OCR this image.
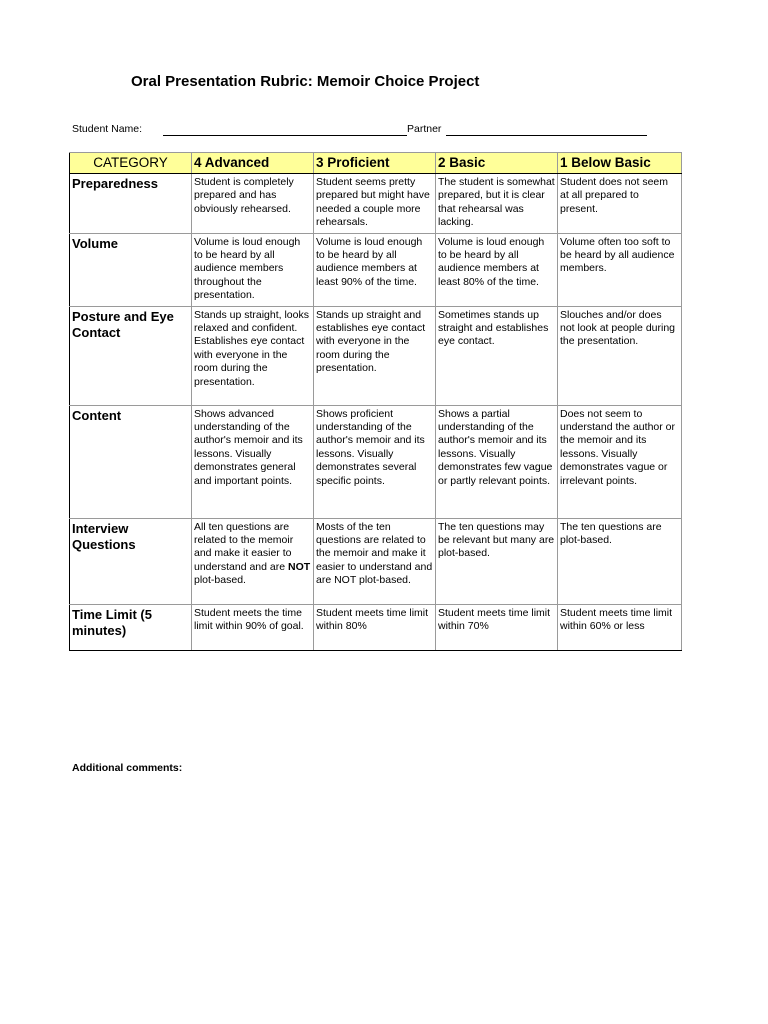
Oral Presentation Rubric: Memoir Choice Project
Student Name:	Partner
CATEGORY	4 Advanced	3 Proficient	2 Basic	1 Below Basic
Preparedness	Student is completely prepared and has obviously rehearsed.	Student seems pretty prepared but might have needed a couple more rehearsals.	The student is somewhat prepared, but it is clear that rehearsal was lacking.	Student does not seem at all prepared to present.
Volume	Volume is loud enough to be heard by all audience members throughout the presentation.	Volume is loud enough to be heard by all audience members at least 90% of the time.	Volume is loud enough to be heard by all audience members at least 80% of the time.	Volume often too soft to be heard by all audience members.
Posture and Eye Contact	Stands up straight, looks relaxed and confident. Establishes eye contact with everyone in the room during the presentation.	Stands up straight and establishes eye contact with everyone in the room during the presentation.	Sometimes stands up straight and establishes eye contact.	Slouches and/or does not look at people during the presentation.
Content	Shows advanced understanding of the author's memoir and its lessons. Visually demonstrates general and important points.	Shows proficient understanding of the author's memoir and its lessons. Visually demonstrates several specific points.	Shows a partial understanding of the author's memoir and its lessons. Visually demonstrates few vague or partly relevant points.	Does not seem to understand the author or the memoir and its lessons. Visually demonstrates vague or irrelevant points.
Interview Questions	All ten questions are related to the memoir and make it easier to understand and are NOT plot-based.	Mosts of the ten questions are related to the memoir and make it easier to understand and are NOT plot-based.	The ten questions may be relevant but many are plot-based.	The ten questions are plot-based.
Time Limit (5 minutes)	Student meets the time limit within 90% of goal.	Student meets time limit within 80%	Student meets time limit within 70%	Student meets time limit within 60% or less
Additional comments:
